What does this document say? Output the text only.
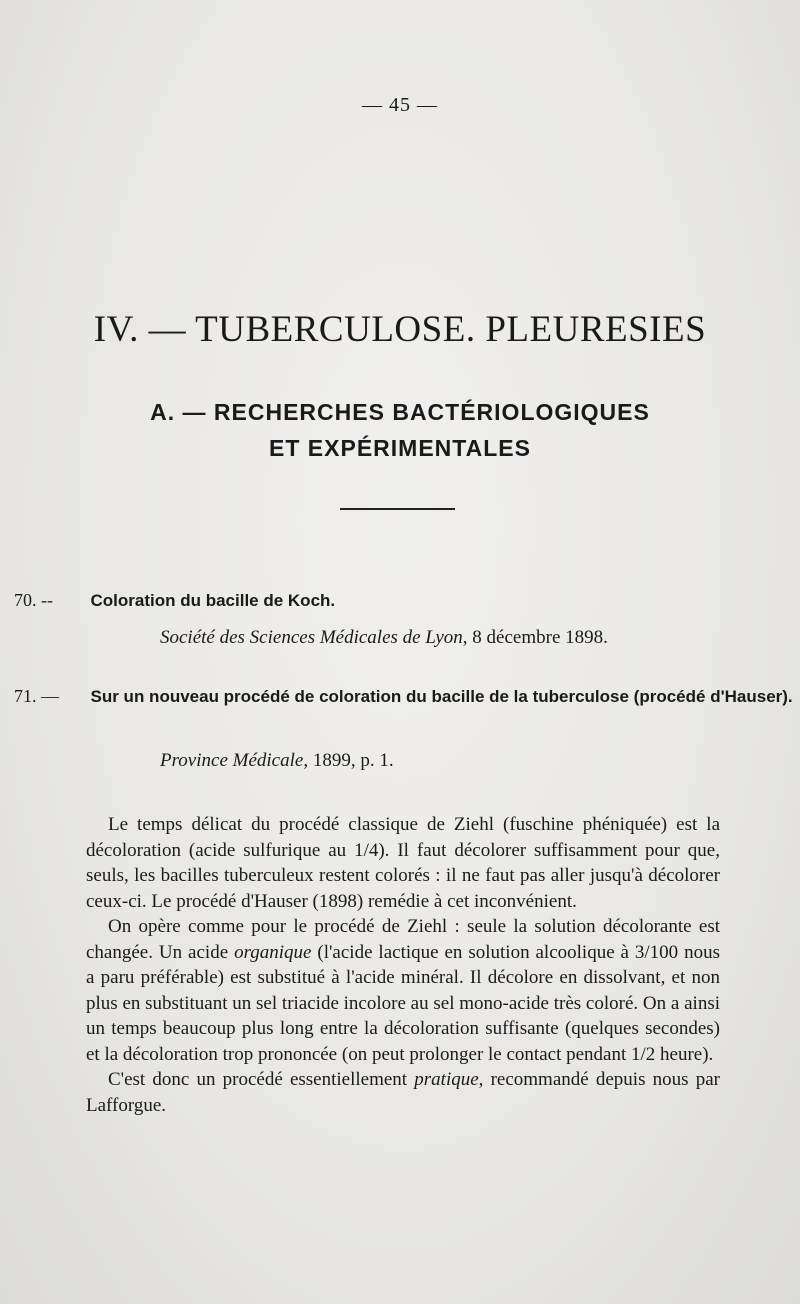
— 45 —
IV. — TUBERCULOSE. PLEURESIES
A. — RECHERCHES BACTÉRIOLOGIQUES
ET EXPÉRIMENTALES
70. -- Coloration du bacille de Koch.
Société des Sciences Médicales de Lyon, 8 décembre 1898.
71. — Sur un nouveau procédé de coloration du bacille de la tuberculose (procédé d'Hauser).
Province Médicale, 1899, p. 1.

Le temps délicat du procédé classique de Ziehl (fuschine phéniquée) est la décoloration (acide sulfurique au 1/4). Il faut décolorer suffisamment pour que, seuls, les bacilles tuberculeux restent colorés : il ne faut pas aller jusqu'à décolorer ceux-ci. Le procédé d'Hauser (1898) remédie à cet inconvénient.

On opère comme pour le procédé de Ziehl : seule la solution décolorante est changée. Un acide organique (l'acide lactique en solution alcoolique à 3/100 nous a paru préférable) est substitué à l'acide minéral. Il décolore en dissolvant, et non plus en substituant un sel triacide incolore au sel mono-acide très coloré. On a ainsi un temps beaucoup plus long entre la décoloration suffisante (quelques secondes) et la décoloration trop prononcée (on peut prolonger le contact pendant 1/2 heure).

C'est donc un procédé essentiellement pratique, recommandé depuis nous par Lafforgue.
